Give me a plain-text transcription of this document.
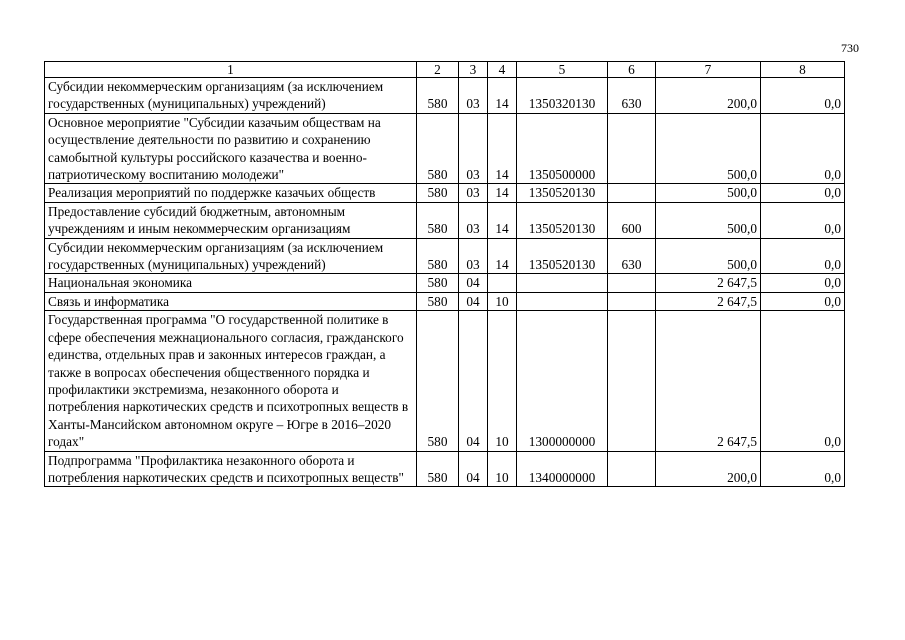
730
1	2	3	4	5	6	7	8
Субсидии некоммерческим организациям (за исключением государственных (муниципальных) учреждений)	580	03	14	1350320130	630	200,0	0,0
Основное мероприятие "Субсидии казачьим обществам на осуществление деятельности по развитию и сохранению самобытной культуры российского казачества и военно-патриотическому воспитанию молодежи"	580	03	14	1350500000		500,0	0,0
Реализация мероприятий по поддержке казачьих обществ	580	03	14	1350520130		500,0	0,0
Предоставление субсидий бюджетным, автономным учреждениям и иным некоммерческим организациям	580	03	14	1350520130	600	500,0	0,0
Субсидии некоммерческим организациям (за исключением государственных (муниципальных) учреждений)	580	03	14	1350520130	630	500,0	0,0
Национальная экономика	580	04				2 647,5	0,0
Связь и информатика	580	04	10			2 647,5	0,0
Государственная программа "О государственной политике в сфере обеспечения межнационального согласия, гражданского единства, отдельных прав и законных интересов граждан, а также в вопросах обеспечения общественного порядка и профилактики экстремизма, незаконного оборота и потребления наркотических средств и психотропных веществ в Ханты-Мансийском автономном округе – Югре в 2016–2020 годах"	580	04	10	1300000000		2 647,5	0,0
Подпрограмма "Профилактика незаконного оборота и потребления наркотических средств и психотропных веществ"	580	04	10	1340000000		200,0	0,0
